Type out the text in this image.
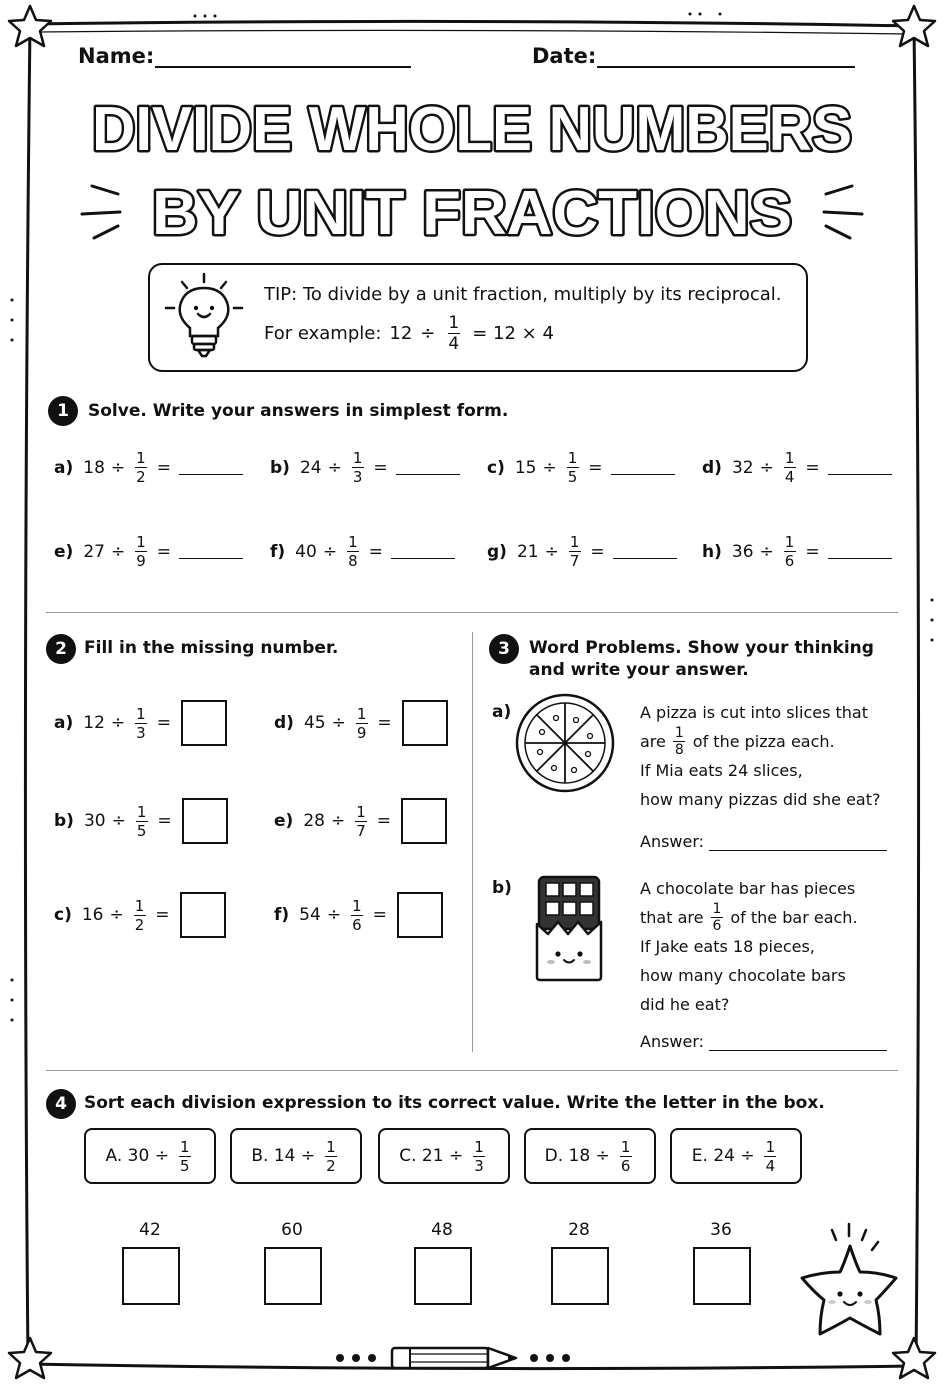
Name:	Date:
DIVIDE WHOLE NUMBERS
BY UNIT FRACTIONS
TIP: To divide by a unit fraction, multiply by its reciprocal.
For example: $12 \div \frac{1}{4} = 12 \times 4$
1	Solve. Write your answers in simplest form.
a) $18 \div \frac{1}{2}$ =	b) $24 \div \frac{1}{3}$ =	c) $15 \div \frac{1}{5}$ =	d) $32 \div \frac{1}{4}$ =
e) $27 \div \frac{1}{9}$ =	f) $40 \div \frac{1}{8}$ =	g) $21 \div \frac{1}{7}$ =	h) $36 \div \frac{1}{6}$ =
2	Fill in the missing number.
a) $12 \div \frac{1}{3}$ =
b) $30 \div \frac{1}{5}$ =
c) $16 \div \frac{1}{2}$ =
d) $45 \div \frac{1}{9}$ =
e) $28 \div \frac{1}{7}$ =
f) $54 \div \frac{1}{6}$ =
3	Word Problems. Show your thinking
and write your answer.
a)	A pizza is cut into slices that
are $\frac{1}{8}$ of the pizza each.
If Mia eats 24 slices,
how many pizzas did she eat?
Answer:
b)	A chocolate bar has pieces
that are $\frac{1}{6}$ of the bar each.
If Jake eats 18 pieces,
how many chocolate bars
did he eat?
Answer:
4	Sort each division expression to its correct value. Write the letter in the box.
A. $30 \div \frac{1}{5}$	B. $14 \div \frac{1}{2}$	C. $21 \div \frac{1}{3}$	D. $18 \div \frac{1}{6}$	E. $24 \div \frac{1}{4}$
42	60	48	28	36
